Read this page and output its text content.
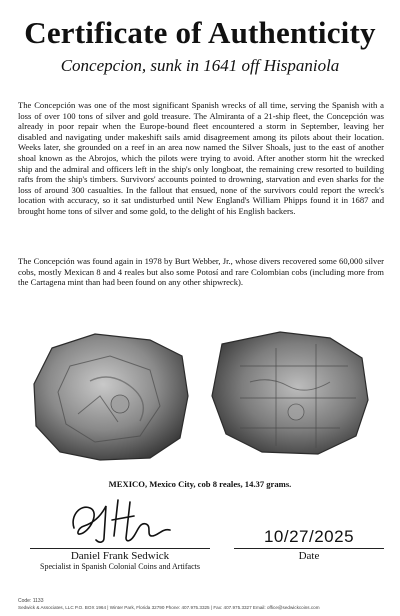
Certificate of Authenticity
Concepcion, sunk in 1641 off Hispaniola

The Concepción was one of the most significant Spanish wrecks of all time, serving the Spanish with a loss of over 100 tons of silver and gold treasure. The Almiranta of a 21-ship fleet, the Concepción was already in poor repair when the Europe-bound fleet encountered a storm in September, leaving her disabled and navigating under makeshift sails amid disagreement among its pilots about their location. Weeks later, she grounded on a reef in an area now named the Silver Shoals, just to the east of another shoal known as the Abrojos, which the pilots were trying to avoid. After another storm hit the wrecked ship and the admiral and officers left in the ship's only longboat, the remaining crew resorted to building rafts from the ship's timbers. Survivors' accounts pointed to drowning, starvation and even sharks for the loss of around 300 casualties. In the fallout that ensued, none of the survivors could report the wreck's location with accuracy, so it sat undisturbed until New England's William Phipps found it in 1687 and brought home tons of silver and some gold, to the delight of his English backers.

The Concepción was found again in 1978 by Burt Webber, Jr., whose divers recovered some 60,000 silver cobs, mostly Mexican 8 and 4 reales but also some Potosí and rare Colombian cobs (including more from the Cartagena mint than had been found on any other shipwreck).

MEXICO, Mexico City, cob 8 reales, 14.37 grams.
10/27/2025
Daniel Frank Sedwick
Specialist in Spanish Colonial Coins and Artifacts
Date
Code: 1133
Sedwick & Associates, LLC P.O. BOX 1964 | Winter Park, Florida 32790 Phone: 407.975.3325 | Fax: 407.975.3327 Email: office@sedwickcoins.com
